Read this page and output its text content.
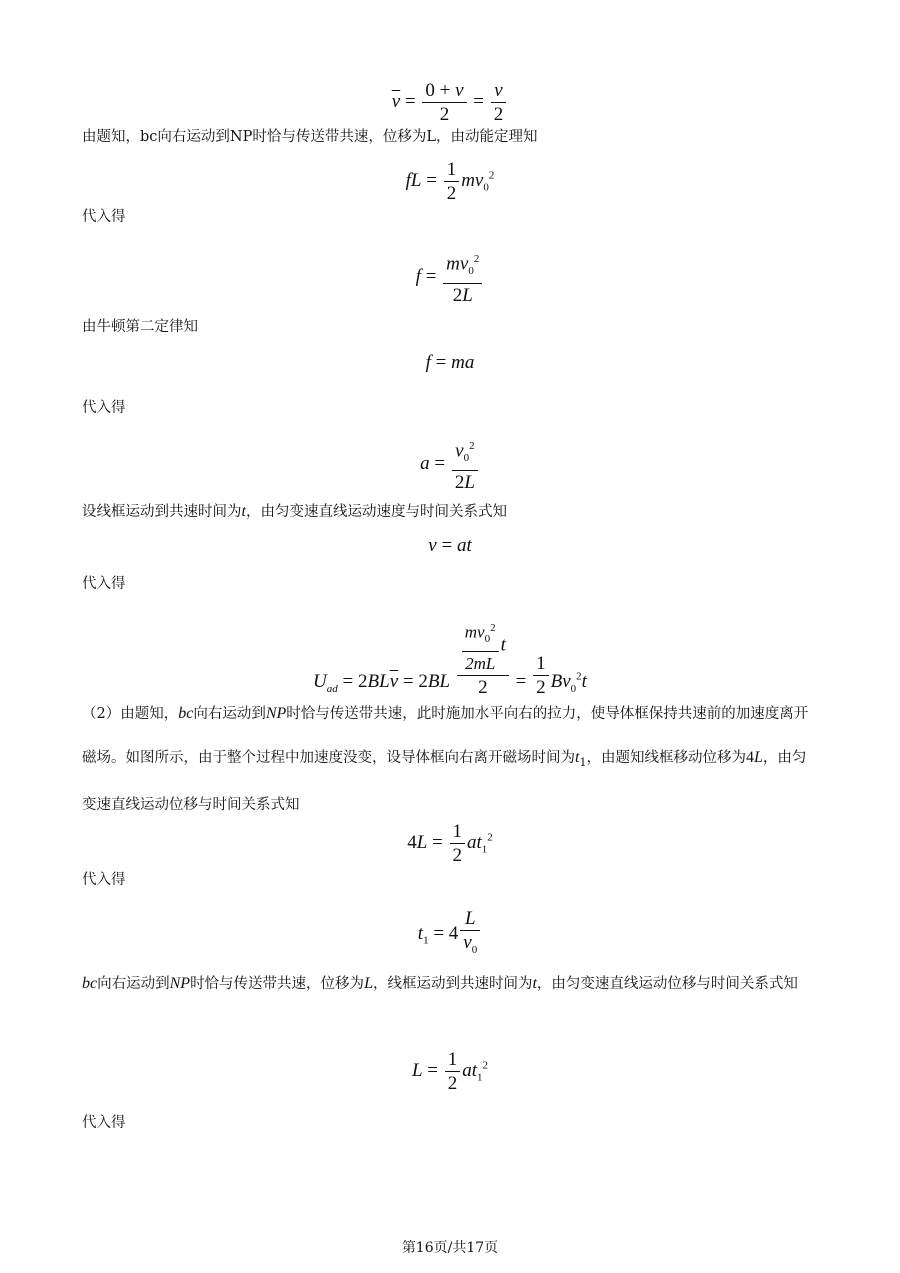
$\overline{v} = \frac{0 + v}{2} = \frac{v}{2}$
由题知，bc向右运动到NP时恰与传送带共速，位移为L，由动能定理知
fL = $\frac{1}{2} mv_0^2$
代入得
$f = \frac{mv_0^2}{2L}$
由牛顿第二定律知
f = ma
代入得
$a = \frac{v_0^2}{2L}$
设线框运动到共速时间为t，由匀变速直线运动速度与时间关系式知
v = at
代入得
$U_{ad} = 2BL\overline{v} = 2BL \frac{\frac{mv_0^2}{2mL} t}{2} = \frac{1}{2} Bv_0^2t$
（2）由题知，bc向右运动到NP时恰与传送带共速，此时施加水平向右的拉力，使导体框保持共速前的加速度离开磁场。如图所示，由于整个过程中加速度没变，设导体框向右离开磁场时间为$t_1$，由题知线框移动位移为4L，由匀变速直线运动位移与时间关系式知
$4L = \frac{1}{2} at_1^2$
代入得
$t_1 = 4 \frac{L}{v_0}$
bc向右运动到NP时恰与传送带共速，位移为L，线框运动到共速时间为t，由匀变速直线运动位移与时间关系式知
$L = \frac{1}{2} at_1^2$
代入得
第16页/共17页
